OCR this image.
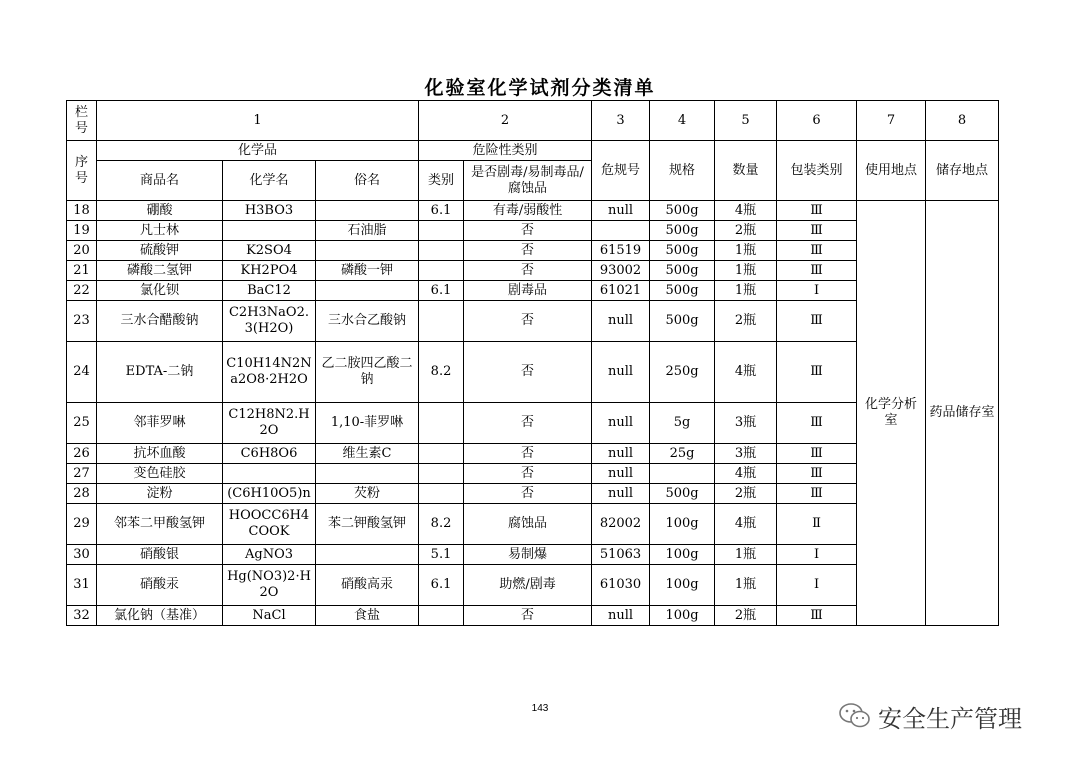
化验室化学试剂分类清单
栏号	1			2		3	4	5	6	7	8
序号	化学品			危险性类别		危规号	规格	数量	包装类别	使用地点	储存地点
	商品名	化学名	俗名	类别	是否剧毒/易制毒品/腐蚀品						
18	硼酸	H3BO3		6.1	有毒/弱酸性	null	500g	4瓶	Ⅲ	化学分析室	药品储存室
19	凡士林		石油脂		否		500g	2瓶	Ⅲ		
20	硫酸钾	K2SO4			否	61519	500g	1瓶	Ⅲ		
21	磷酸二氢钾	KH2PO4	磷酸一钾		否	93002	500g	1瓶	Ⅲ		
22	氯化钡	BaC12		6.1	剧毒品	61021	500g	1瓶	Ⅰ		
23	三水合醋酸钠	C2H3NaO2.3(H2O)	三水合乙酸钠		否	null	500g	2瓶	Ⅲ		
24	EDTA-二钠	C10H14N2Na2O8·2H2O	乙二胺四乙酸二钠	8.2	否	null	250g	4瓶	Ⅲ		
25	邻菲罗啉	C12H8N2.H2O	1,10-菲罗啉		否	null	5g	3瓶	Ⅲ		
26	抗坏血酸	C6H8O6	维生素C		否	null	25g	3瓶	Ⅲ		
27	变色硅胶				否	null		4瓶	Ⅲ		
28	淀粉	(C6H10O5)n	芡粉		否	null	500g	2瓶	Ⅲ		
29	邻苯二甲酸氢钾	HOOCC6H4COOK	苯二钾酸氢钾	8.2	腐蚀品	82002	100g	4瓶	Ⅱ		
30	硝酸银	AgNO3		5.1	易制爆	51063	100g	1瓶	Ⅰ		
31	硝酸汞	Hg(NO3)2·H2O	硝酸高汞	6.1	助燃/剧毒	61030	100g	1瓶	Ⅰ		
32	氯化钠（基准）	NaCl	食盐		否	null	100g	2瓶	Ⅲ		
143	安全生产管理
